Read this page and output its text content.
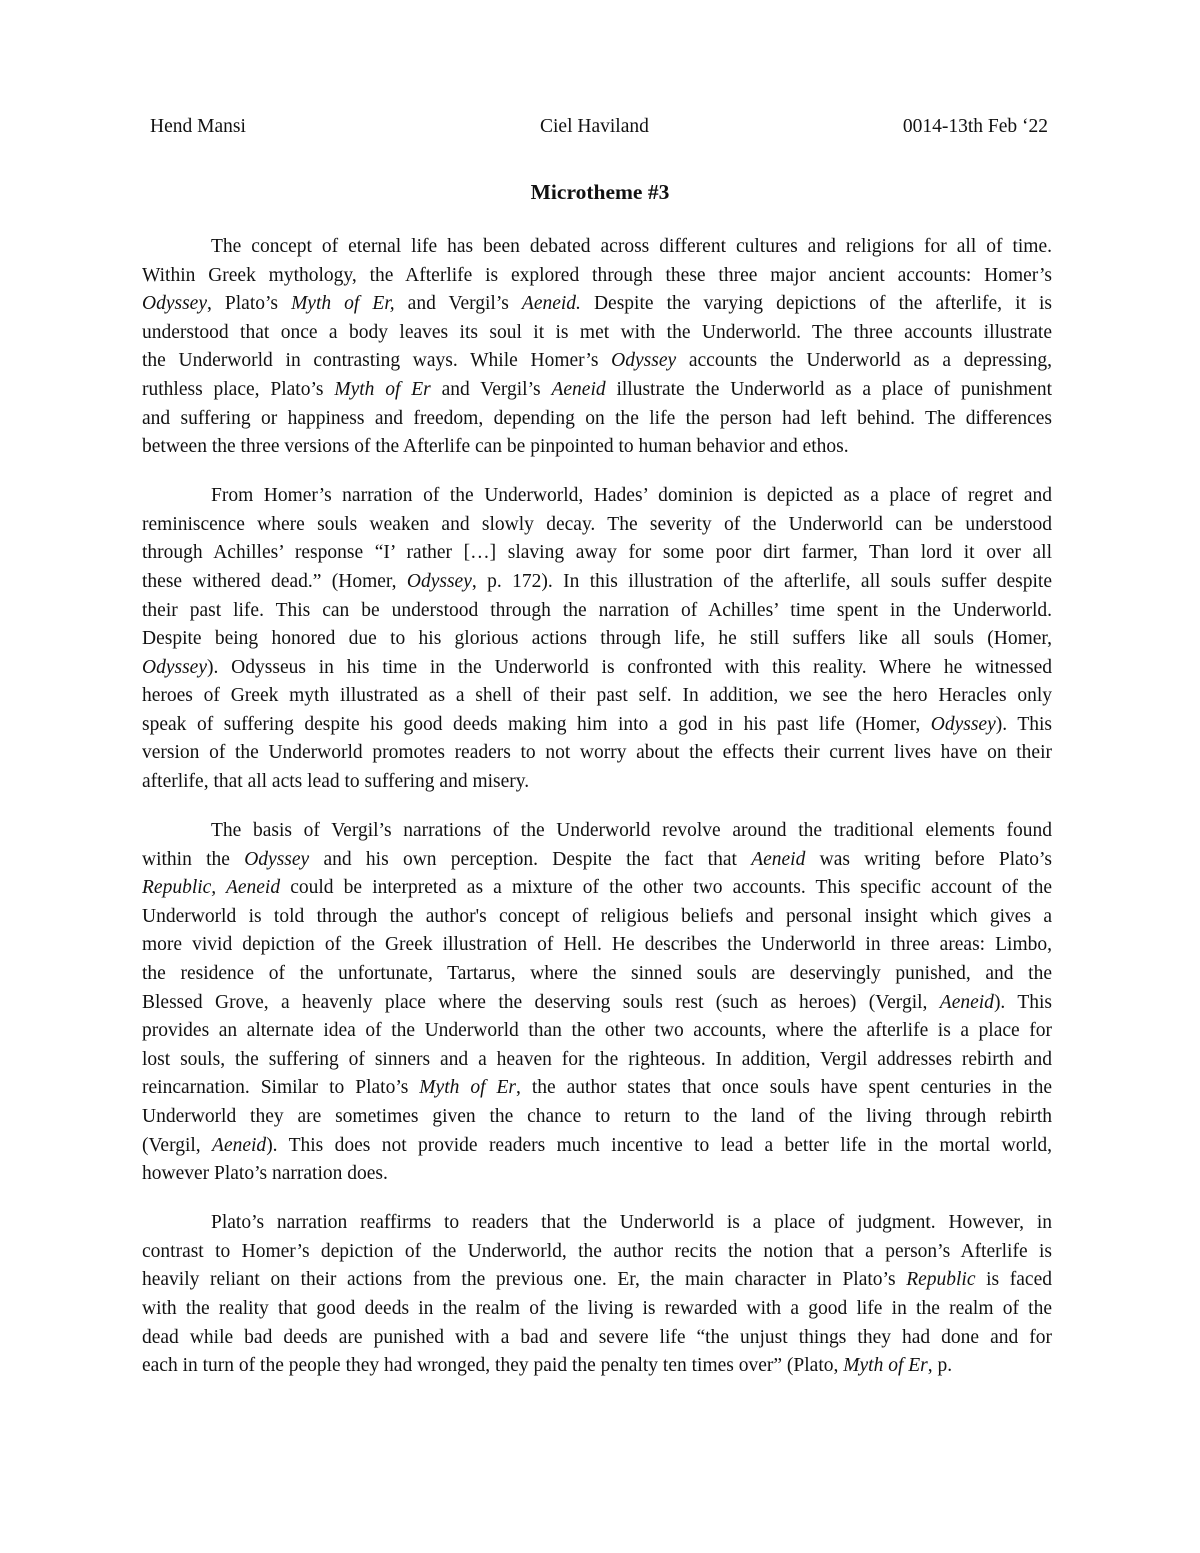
Hend Mansi	Ciel Haviland	0014-13th Feb ‘22
Microtheme #3
The concept of eternal life has been debated across different cultures and religions for all of time.
Within Greek mythology, the Afterlife is explored through these three major ancient accounts: Homer’s
Odyssey, Plato’s Myth of Er, and Vergil’s Aeneid. Despite the varying depictions of the afterlife, it is
understood that once a body leaves its soul it is met with the Underworld. The three accounts illustrate
the Underworld in contrasting ways. While Homer’s Odyssey accounts the Underworld as a depressing,
ruthless place, Plato’s Myth of Er and Vergil’s Aeneid illustrate the Underworld as a place of punishment
and suffering or happiness and freedom, depending on the life the person had left behind. The differences
between the three versions of the Afterlife can be pinpointed to human behavior and ethos.
From Homer’s narration of the Underworld, Hades’ dominion is depicted as a place of regret and
reminiscence where souls weaken and slowly decay. The severity of the Underworld can be understood
through Achilles’ response “I’ rather […] slaving away for some poor dirt farmer, Than lord it over all
these withered dead.” (Homer, Odyssey, p. 172). In this illustration of the afterlife, all souls suffer despite
their past life. This can be understood through the narration of Achilles’ time spent in the Underworld.
Despite being honored due to his glorious actions through life, he still suffers like all souls (Homer,
Odyssey). Odysseus in his time in the Underworld is confronted with this reality. Where he witnessed
heroes of Greek myth illustrated as a shell of their past self. In addition, we see the hero Heracles only
speak of suffering despite his good deeds making him into a god in his past life (Homer, Odyssey). This
version of the Underworld promotes readers to not worry about the effects their current lives have on their
afterlife, that all acts lead to suffering and misery.
The basis of Vergil’s narrations of the Underworld revolve around the traditional elements found
within the Odyssey and his own perception. Despite the fact that Aeneid was writing before Plato’s
Republic, Aeneid could be interpreted as a mixture of the other two accounts. This specific account of the
Underworld is told through the author's concept of religious beliefs and personal insight which gives a
more vivid depiction of the Greek illustration of Hell. He describes the Underworld in three areas: Limbo,
the residence of the unfortunate, Tartarus, where the sinned souls are deservingly punished, and the
Blessed Grove, a heavenly place where the deserving souls rest (such as heroes) (Vergil, Aeneid). This
provides an alternate idea of the Underworld than the other two accounts, where the afterlife is a place for
lost souls, the suffering of sinners and a heaven for the righteous. In addition, Vergil addresses rebirth and
reincarnation. Similar to Plato’s Myth of Er, the author states that once souls have spent centuries in the
Underworld they are sometimes given the chance to return to the land of the living through rebirth
(Vergil, Aeneid). This does not provide readers much incentive to lead a better life in the mortal world,
however Plato’s narration does.
Plato’s narration reaffirms to readers that the Underworld is a place of judgment. However, in
contrast to Homer’s depiction of the Underworld, the author recits the notion that a person’s Afterlife is
heavily reliant on their actions from the previous one. Er, the main character in Plato’s Republic is faced
with the reality that good deeds in the realm of the living is rewarded with a good life in the realm of the
dead while bad deeds are punished with a bad and severe life “the unjust things they had done and for
each in turn of the people they had wronged, they paid the penalty ten times over” (Plato, Myth of Er, p.
